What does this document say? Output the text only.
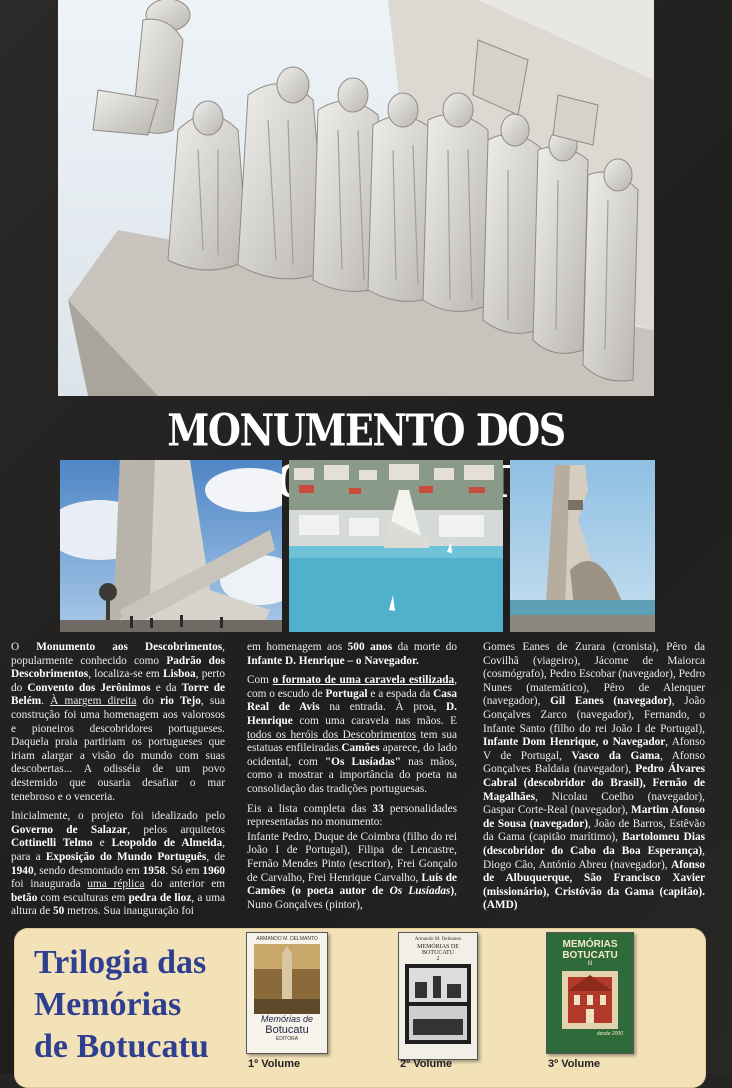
MONUMENTO DOS

O Monumento aos Descobrimentos, popularmente conhecido como Padrão dos Descobrimentos, localiza-se em Lisboa, perto do Convento dos Jerônimos e da Torre de Belém. À margem direita do rio Tejo, sua construção foi uma homenagem aos valorosos e pioneiros descobridores portugueses. Daquela praia partiriam os portugueses que iriam alargar a visão do mundo com suas descobertas... A odisséia de um povo destemido que ousaria desafiar o mar tenebroso e o venceria.

Inicialmente, o projeto foi idealizado pelo Governo de Salazar, pelos arquitetos Cottinelli Telmo e Leopoldo de Almeida, para a Exposição do Mundo Português, de 1940, sendo desmontado em 1958. Só em 1960 foi inaugurada uma réplica do anterior em betão com esculturas em pedra de lioz, a uma altura de 50 metros. Sua inauguração foi

em homenagem aos 500 anos da morte do Infante D. Henrique – o Navegador.

Com o formato de uma caravela estilizada, com o escudo de Portugal e a espada da Casa Real de Avis na entrada. À proa, D. Henrique com uma caravela nas mãos. E todos os heróis dos Descobrimentos tem sua estatuas enfileiradas.Camões aparece, do lado ocidental, com "Os Lusíadas" nas mãos, como a mostrar a importância do poeta na consolidação das tradições portuguesas.

Eis a lista completa das 33 personalidades representadas no monumento:

Infante Pedro, Duque de Coimbra (filho do rei João I de Portugal), Filipa de Lencastre, Fernão Mendes Pinto (escritor), Frei Gonçalo de Carvalho, Frei Henrique Carvalho, Luís de Camões (o poeta autor de Os Lusíadas), Nuno Gonçalves (pintor),

Gomes Eanes de Zurara (cronista), Pêro da Covilhã (viageiro), Jácome de Maiorca (cosmógrafo), Pedro Escobar (navegador), Pedro Nunes (matemático), Pêro de Alenquer (navegador), Gil Eanes (navegador), João Gonçalves Zarco (navegador), Fernando, o Infante Santo (filho do rei João I de Portugal), Infante Dom Henrique, o Navegador, Afonso V de Portugal, Vasco da Gama, Afonso Gonçalves Baldaia (navegador), Pedro Álvares Cabral (descobridor do Brasil), Fernão de Magalhães, Nicolau Coelho (navegador), Gaspar Corte-Real (navegador), Martim Afonso de Sousa (navegador), João de Barros, Estêvão da Gama (capitão marítimo), Bartolomeu Dias (descobridor do Cabo da Boa Esperança), Diogo Cão, António Abreu (navegador), Afonso de Albuquerque, São Francisco Xavier (missionário), Cristóvão da Gama (capitão). (AMD)

Trilogia das
Memórias
de Botucatu
ARMANDO M. DELMANTO
Memórias de
Botucatu
EDITORA
1º Volume
Armando M. Delmanto
MEMÓRIAS DE
BOTUCATU
2
2º Volume
MEMÓRIAS
BOTUCATU
III
desde 2000
3º Volume
